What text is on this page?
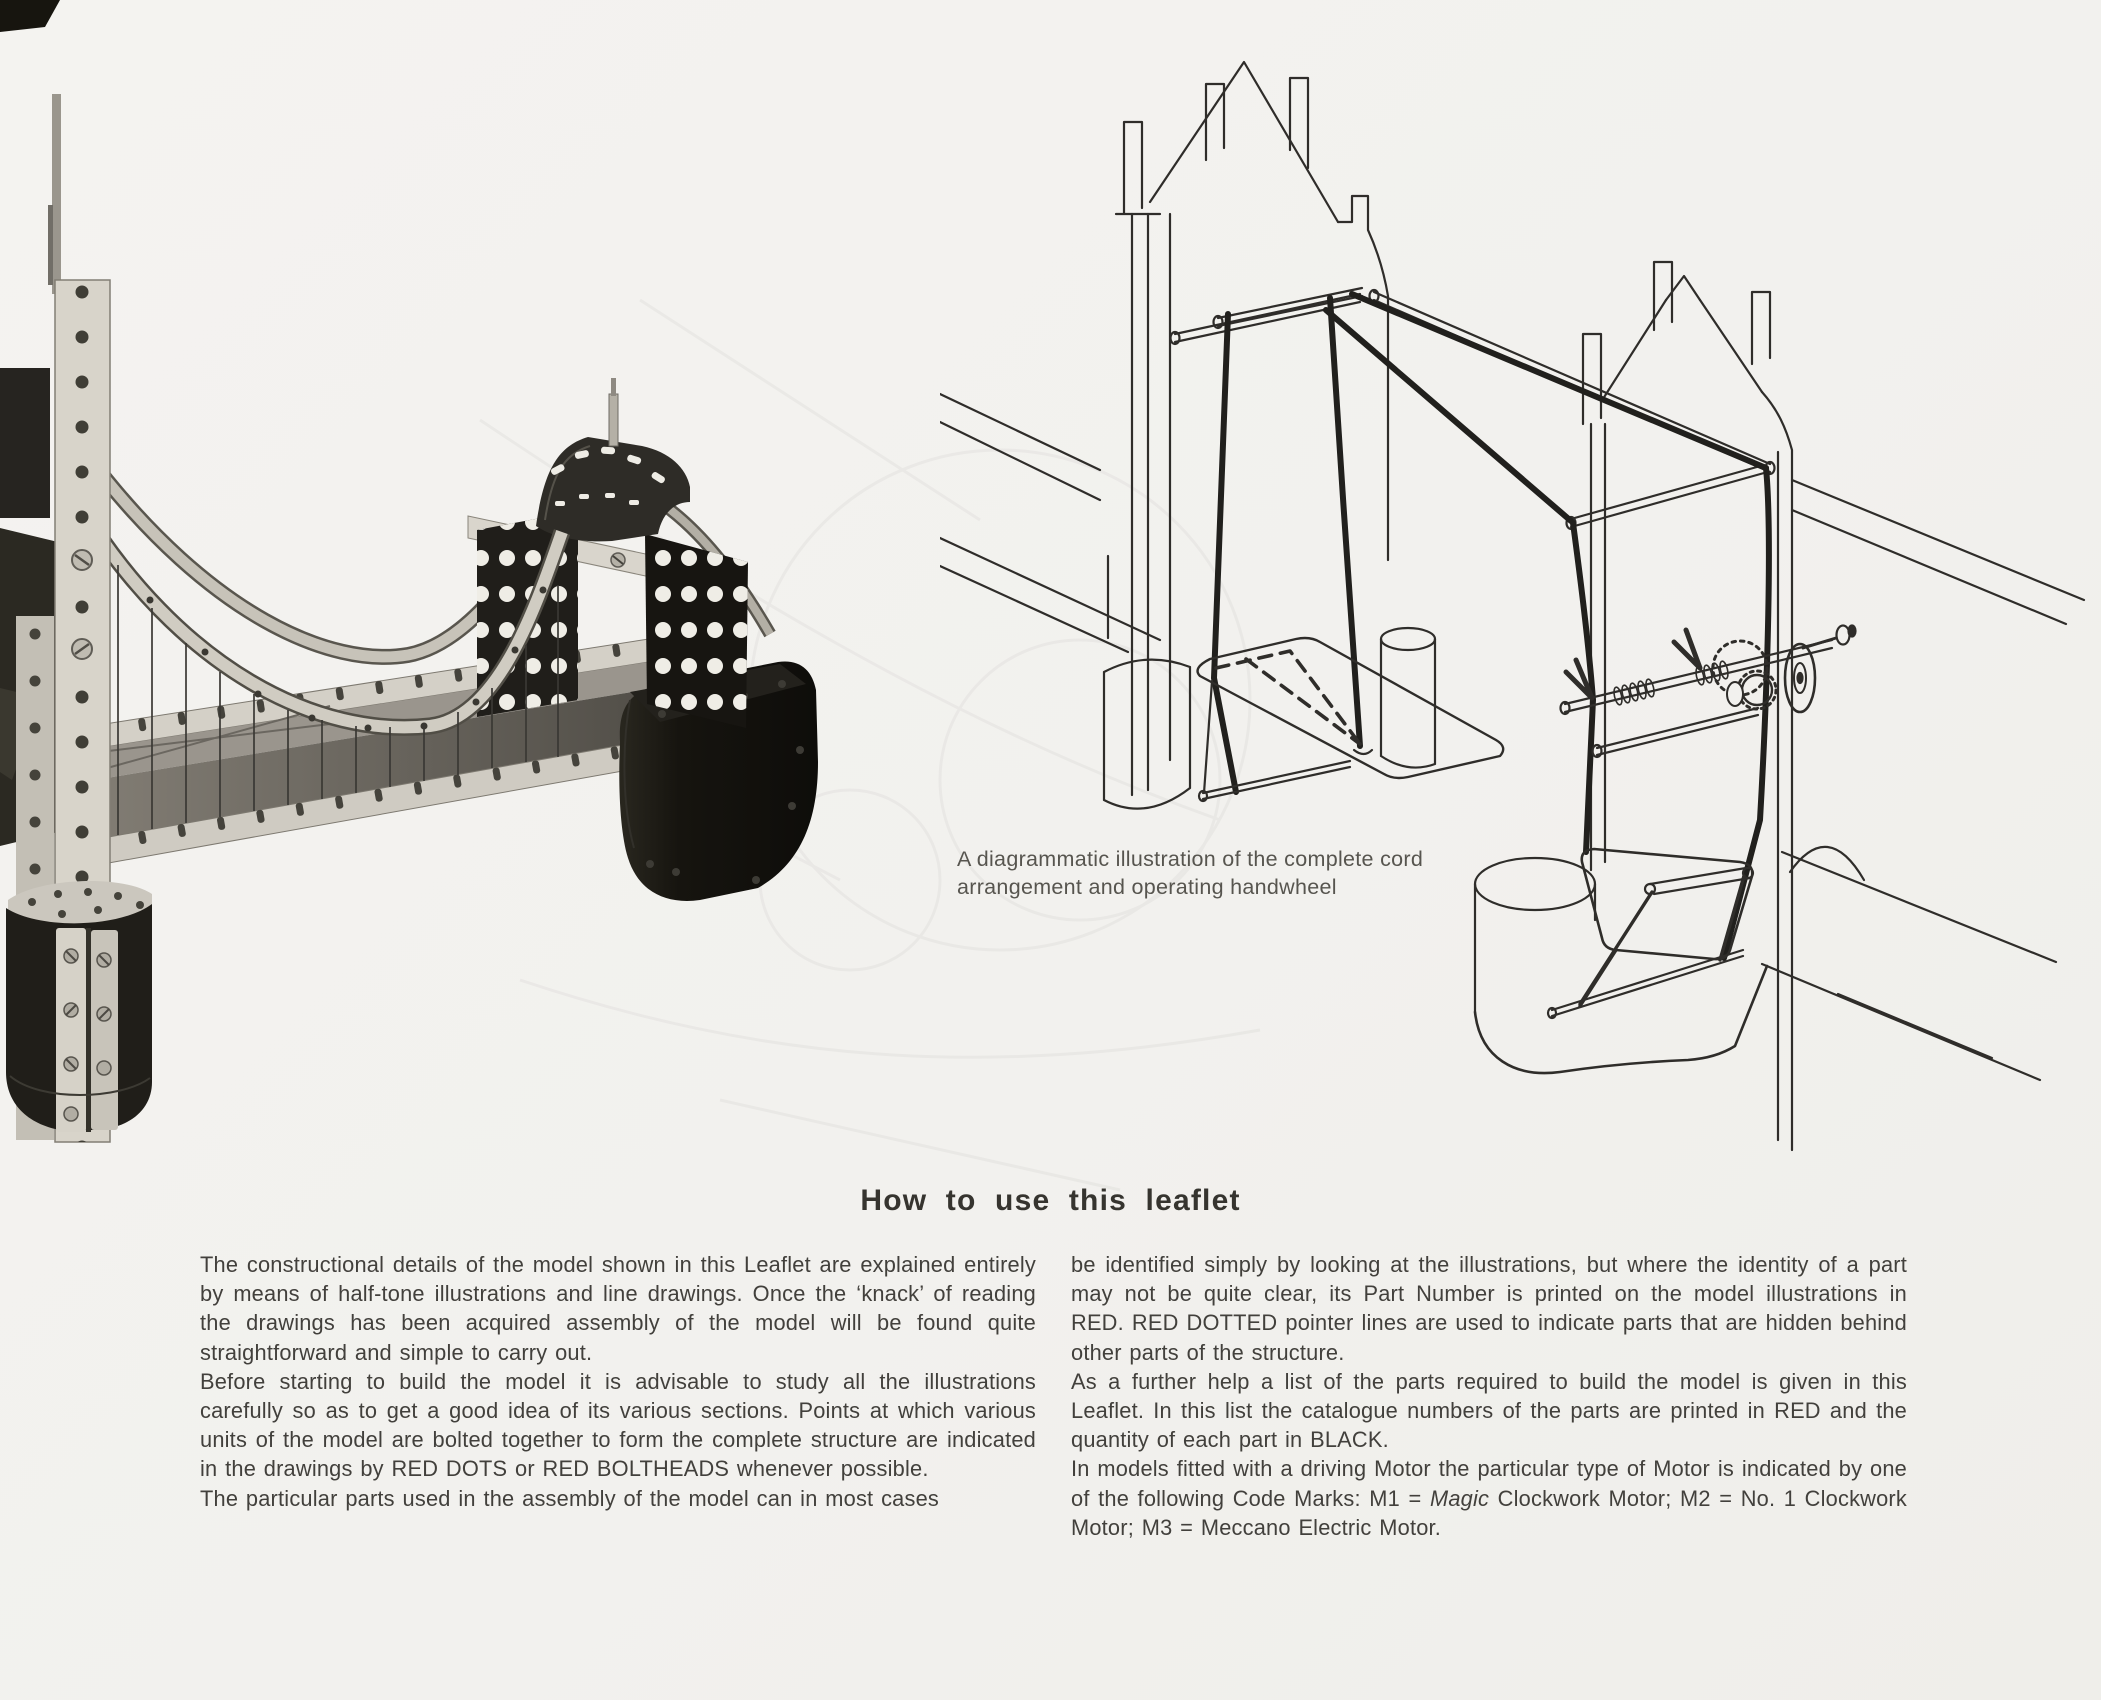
A diagrammatic illustration of the complete cord
arrangement and operating handwheel
How to use this leaflet

The constructional details of the model shown in this Leaflet are explained entirely by means of half-tone illustrations and line drawings. Once the ‘knack’ of reading the drawings has been acquired assembly of the model will be found quite straightforward and simple to carry out.

Before starting to build the model it is advisable to study all the illustrations carefully so as to get a good idea of its various sections. Points at which various units of the model are bolted together to form the complete structure are indicated in the drawings by RED DOTS or RED BOLTHEADS whenever possible.

The particular parts used in the assembly of the model can in most cases

be identified simply by looking at the illustrations, but where the identity of a part may not be quite clear, its Part Number is printed on the model illustrations in RED. RED DOTTED pointer lines are used to indicate parts that are hidden behind other parts of the structure.

As a further help a list of the parts required to build the model is given in this Leaflet. In this list the catalogue numbers of the parts are printed in RED and the quantity of each part in BLACK.

In models fitted with a driving Motor the particular type of Motor is indicated by one of the following Code Marks: M1 = Magic Clockwork Motor; M2 = No. 1 Clockwork Motor; M3 = Meccano Electric Motor.
